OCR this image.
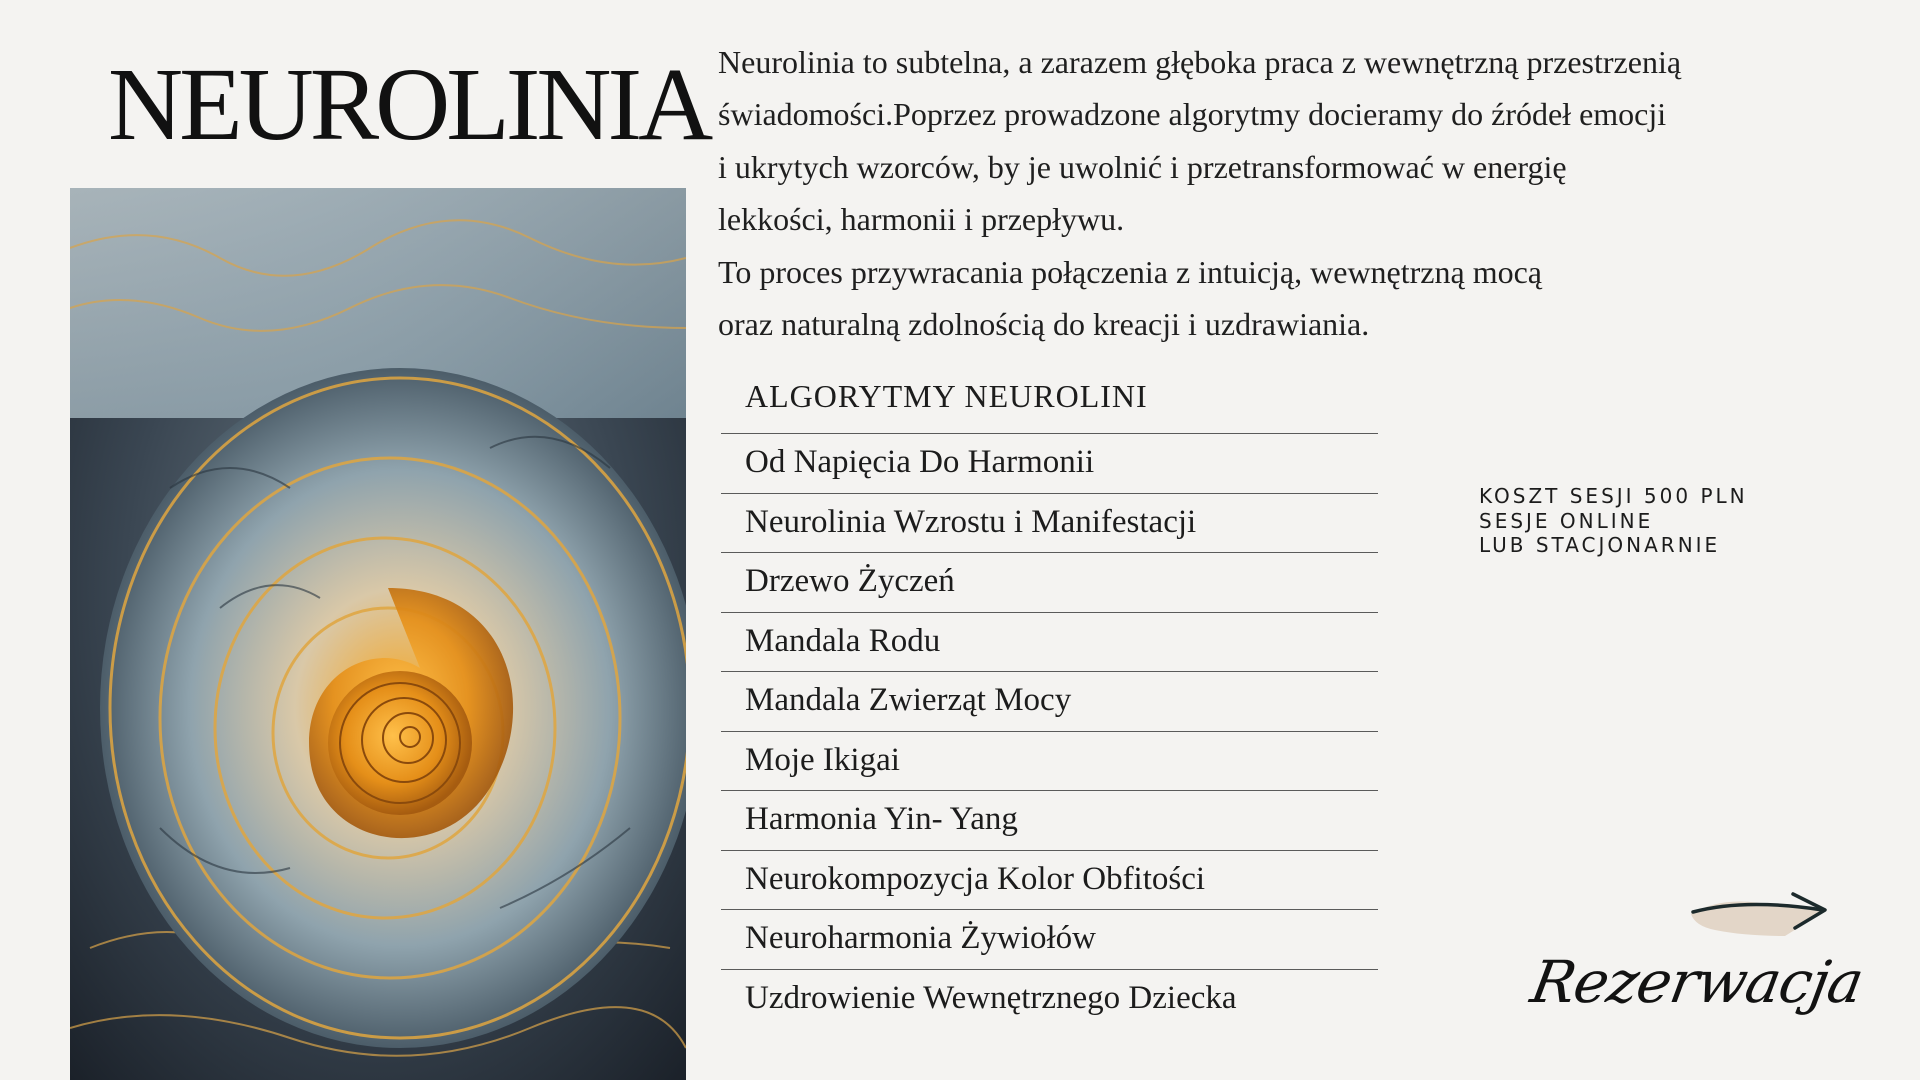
NEUROLINIA Neurolinia to subtelna, a zarazem głęboka praca z wewnętrzną przestrzenią

świadomości.Poprzez prowadzone algorytmy docieramy do źródeł emocji

i ukrytych wzorców, by je uwolnić i przetransformować w energię

lekkości, harmonii i przepływu.

To proces przywracania połączenia z intuicją, wewnętrzną mocą

oraz naturalną zdolnością do kreacji i uzdrawiania.

ALGORYTMY NEUROLINI
Od Napięcia Do Harmonii
Neurolinia Wzrostu i Manifestacji
Drzewo Życzeń
Mandala Rodu
Mandala Zwierząt Mocy
Moje Ikigai
Harmonia Yin- Yang
Neurokompozycja Kolor Obfitości
Neuroharmonia Żywiołów
Uzdrowienie Wewnętrznego Dziecka
KOSZT SESJI 500 PLN
SESJE ONLINE
LUB STACJONARNIE
Rezerwacja
